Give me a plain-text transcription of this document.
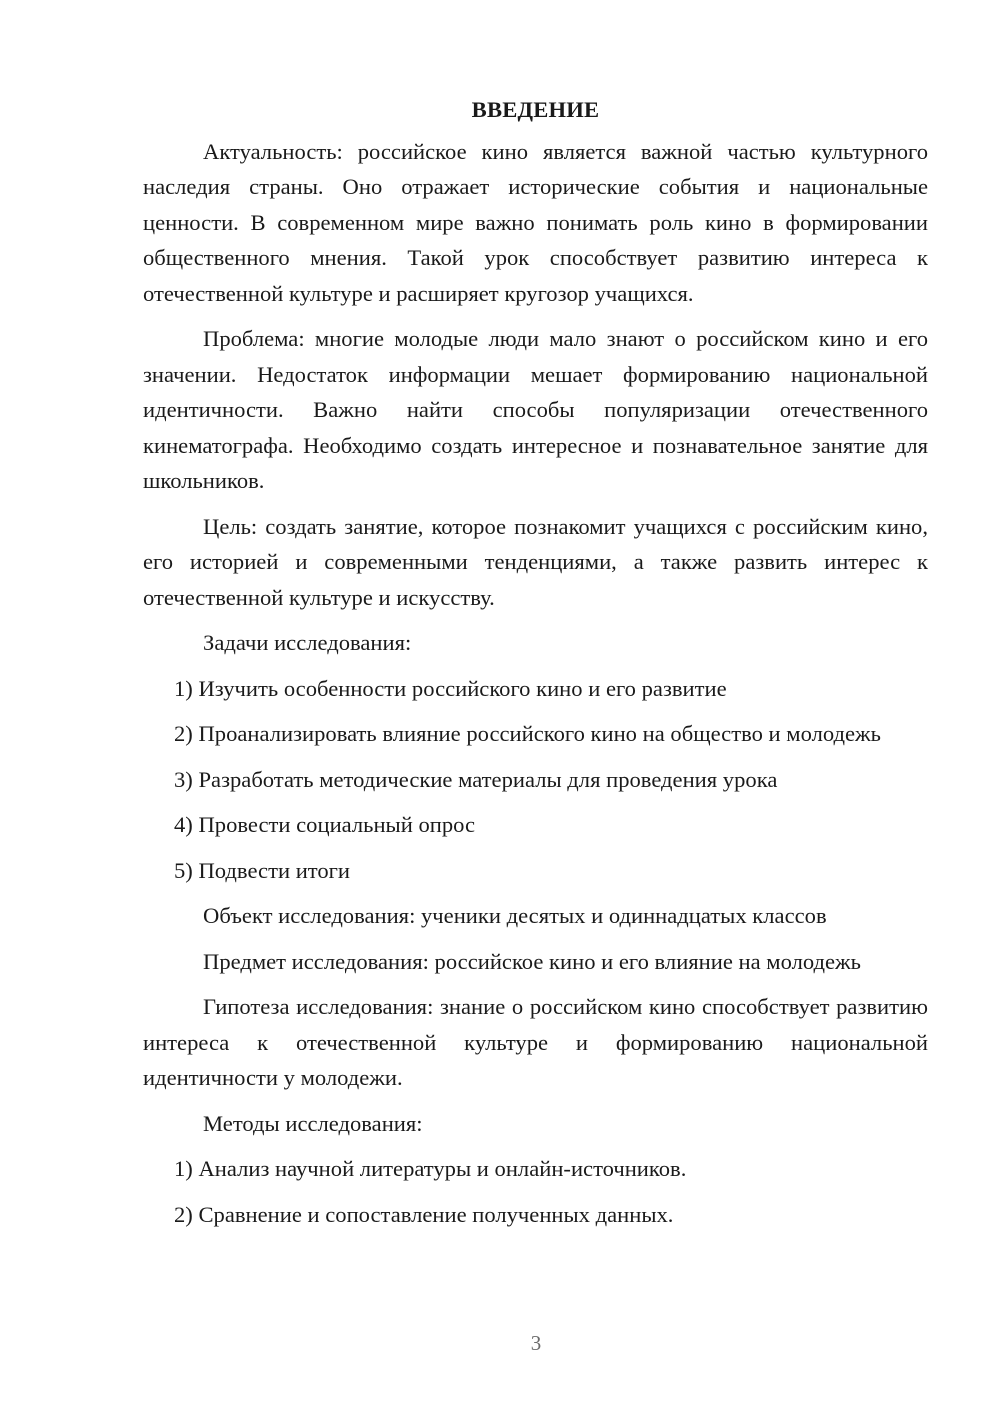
ВВЕДЕНИЕ

Актуальность: российское кино является важной частью культурного наследия страны. Оно отражает исторические события и национальные ценности. В современном мире важно понимать роль кино в формировании общественного мнения. Такой урок способствует развитию интереса к отечественной культуре и расширяет кругозор учащихся.

Проблема: многие молодые люди мало знают о российском кино и его значении. Недостаток информации мешает формированию национальной идентичности. Важно найти способы популяризации отечественного кинематографа. Необходимо создать интересное и познавательное занятие для школьников.

Цель: создать занятие, которое познакомит учащихся с российским кино, его историей и современными тенденциями, а также развить интерес к отечественной культуре и искусству.

Задачи исследования:

1) Изучить особенности российского кино и его развитие

2) Проанализировать влияние российского кино на общество и молодежь

3) Разработать методические материалы для проведения урока

4) Провести социальный опрос

5) Подвести итоги

Объект исследования: ученики десятых и одиннадцатых классов

Предмет исследования: российское кино и его влияние на молодежь

Гипотеза исследования: знание о российском кино способствует развитию интереса к отечественной культуре и формированию национальной идентичности у молодежи.

Методы исследования:

1) Анализ научной литературы и онлайн-источников.

2) Сравнение и сопоставление полученных данных.

3
